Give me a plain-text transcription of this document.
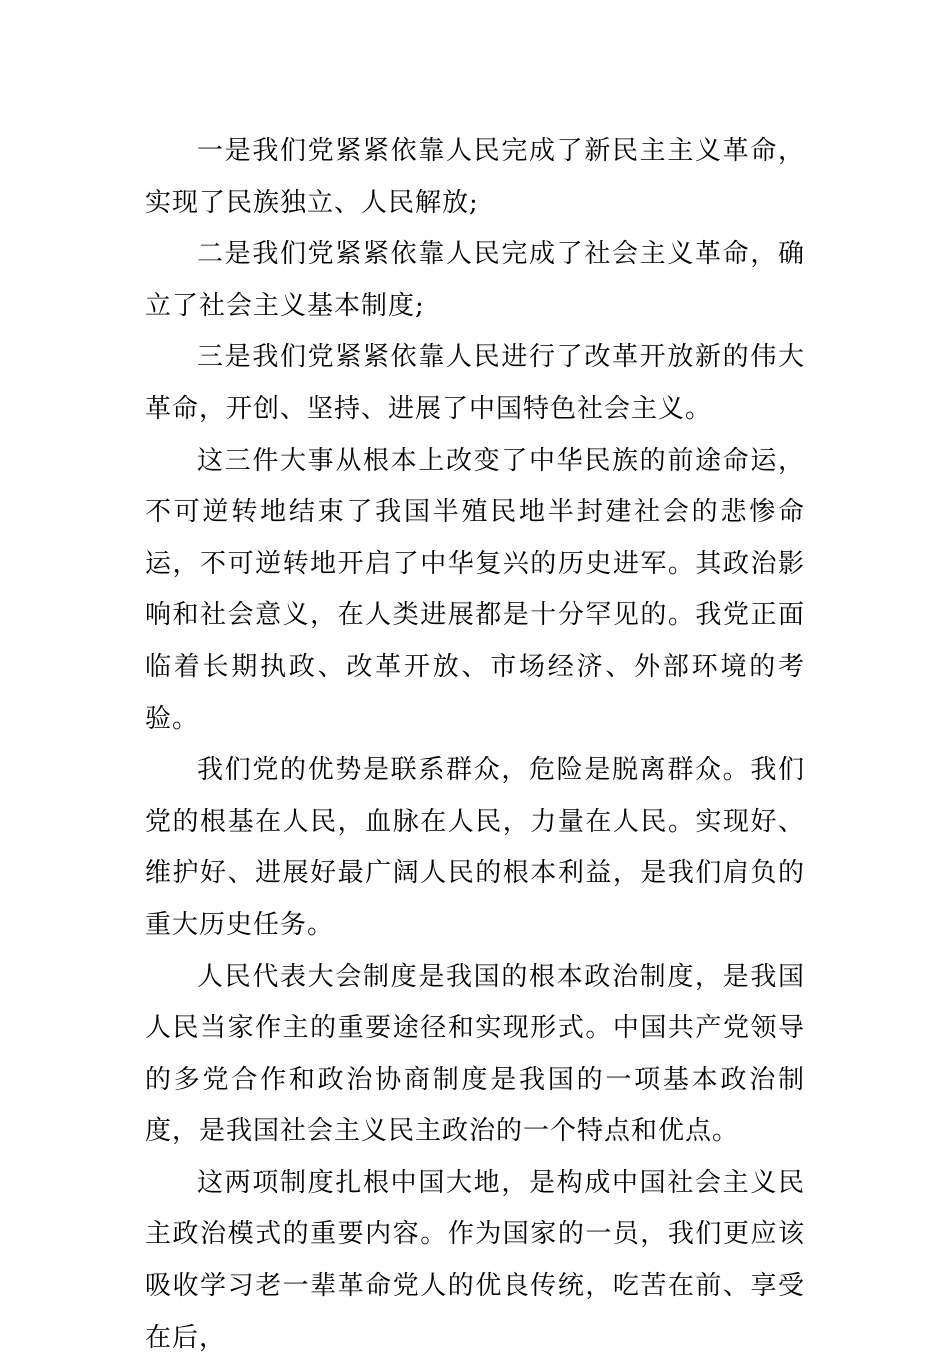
一是我们党紧紧依靠人民完成了新民主主义革命，实现了民族独立、人民解放;

二是我们党紧紧依靠人民完成了社会主义革命，确立了社会主义基本制度;

三是我们党紧紧依靠人民进行了改革开放新的伟大革命，开创、坚持、进展了中国特色社会主义。

这三件大事从根本上改变了中华民族的前途命运，不可逆转地结束了我国半殖民地半封建社会的悲惨命运，不可逆转地开启了中华复兴的历史进军。其政治影响和社会意义，在人类进展都是十分罕见的。我党正面临着长期执政、改革开放、市场经济、外部环境的考验。

我们党的优势是联系群众，危险是脱离群众。我们党的根基在人民，血脉在人民，力量在人民。实现好、维护好、进展好最广阔人民的根本利益，是我们肩负的重大历史任务。

人民代表大会制度是我国的根本政治制度，是我国人民当家作主的重要途径和实现形式。中国共产党领导的多党合作和政治协商制度是我国的一项基本政治制度，是我国社会主义民主政治的一个特点和优点。

这两项制度扎根中国大地，是构成中国社会主义民主政治模式的重要内容。作为国家的一员，我们更应该吸收学习老一辈革命党人的优良传统，吃苦在前、享受在后，
